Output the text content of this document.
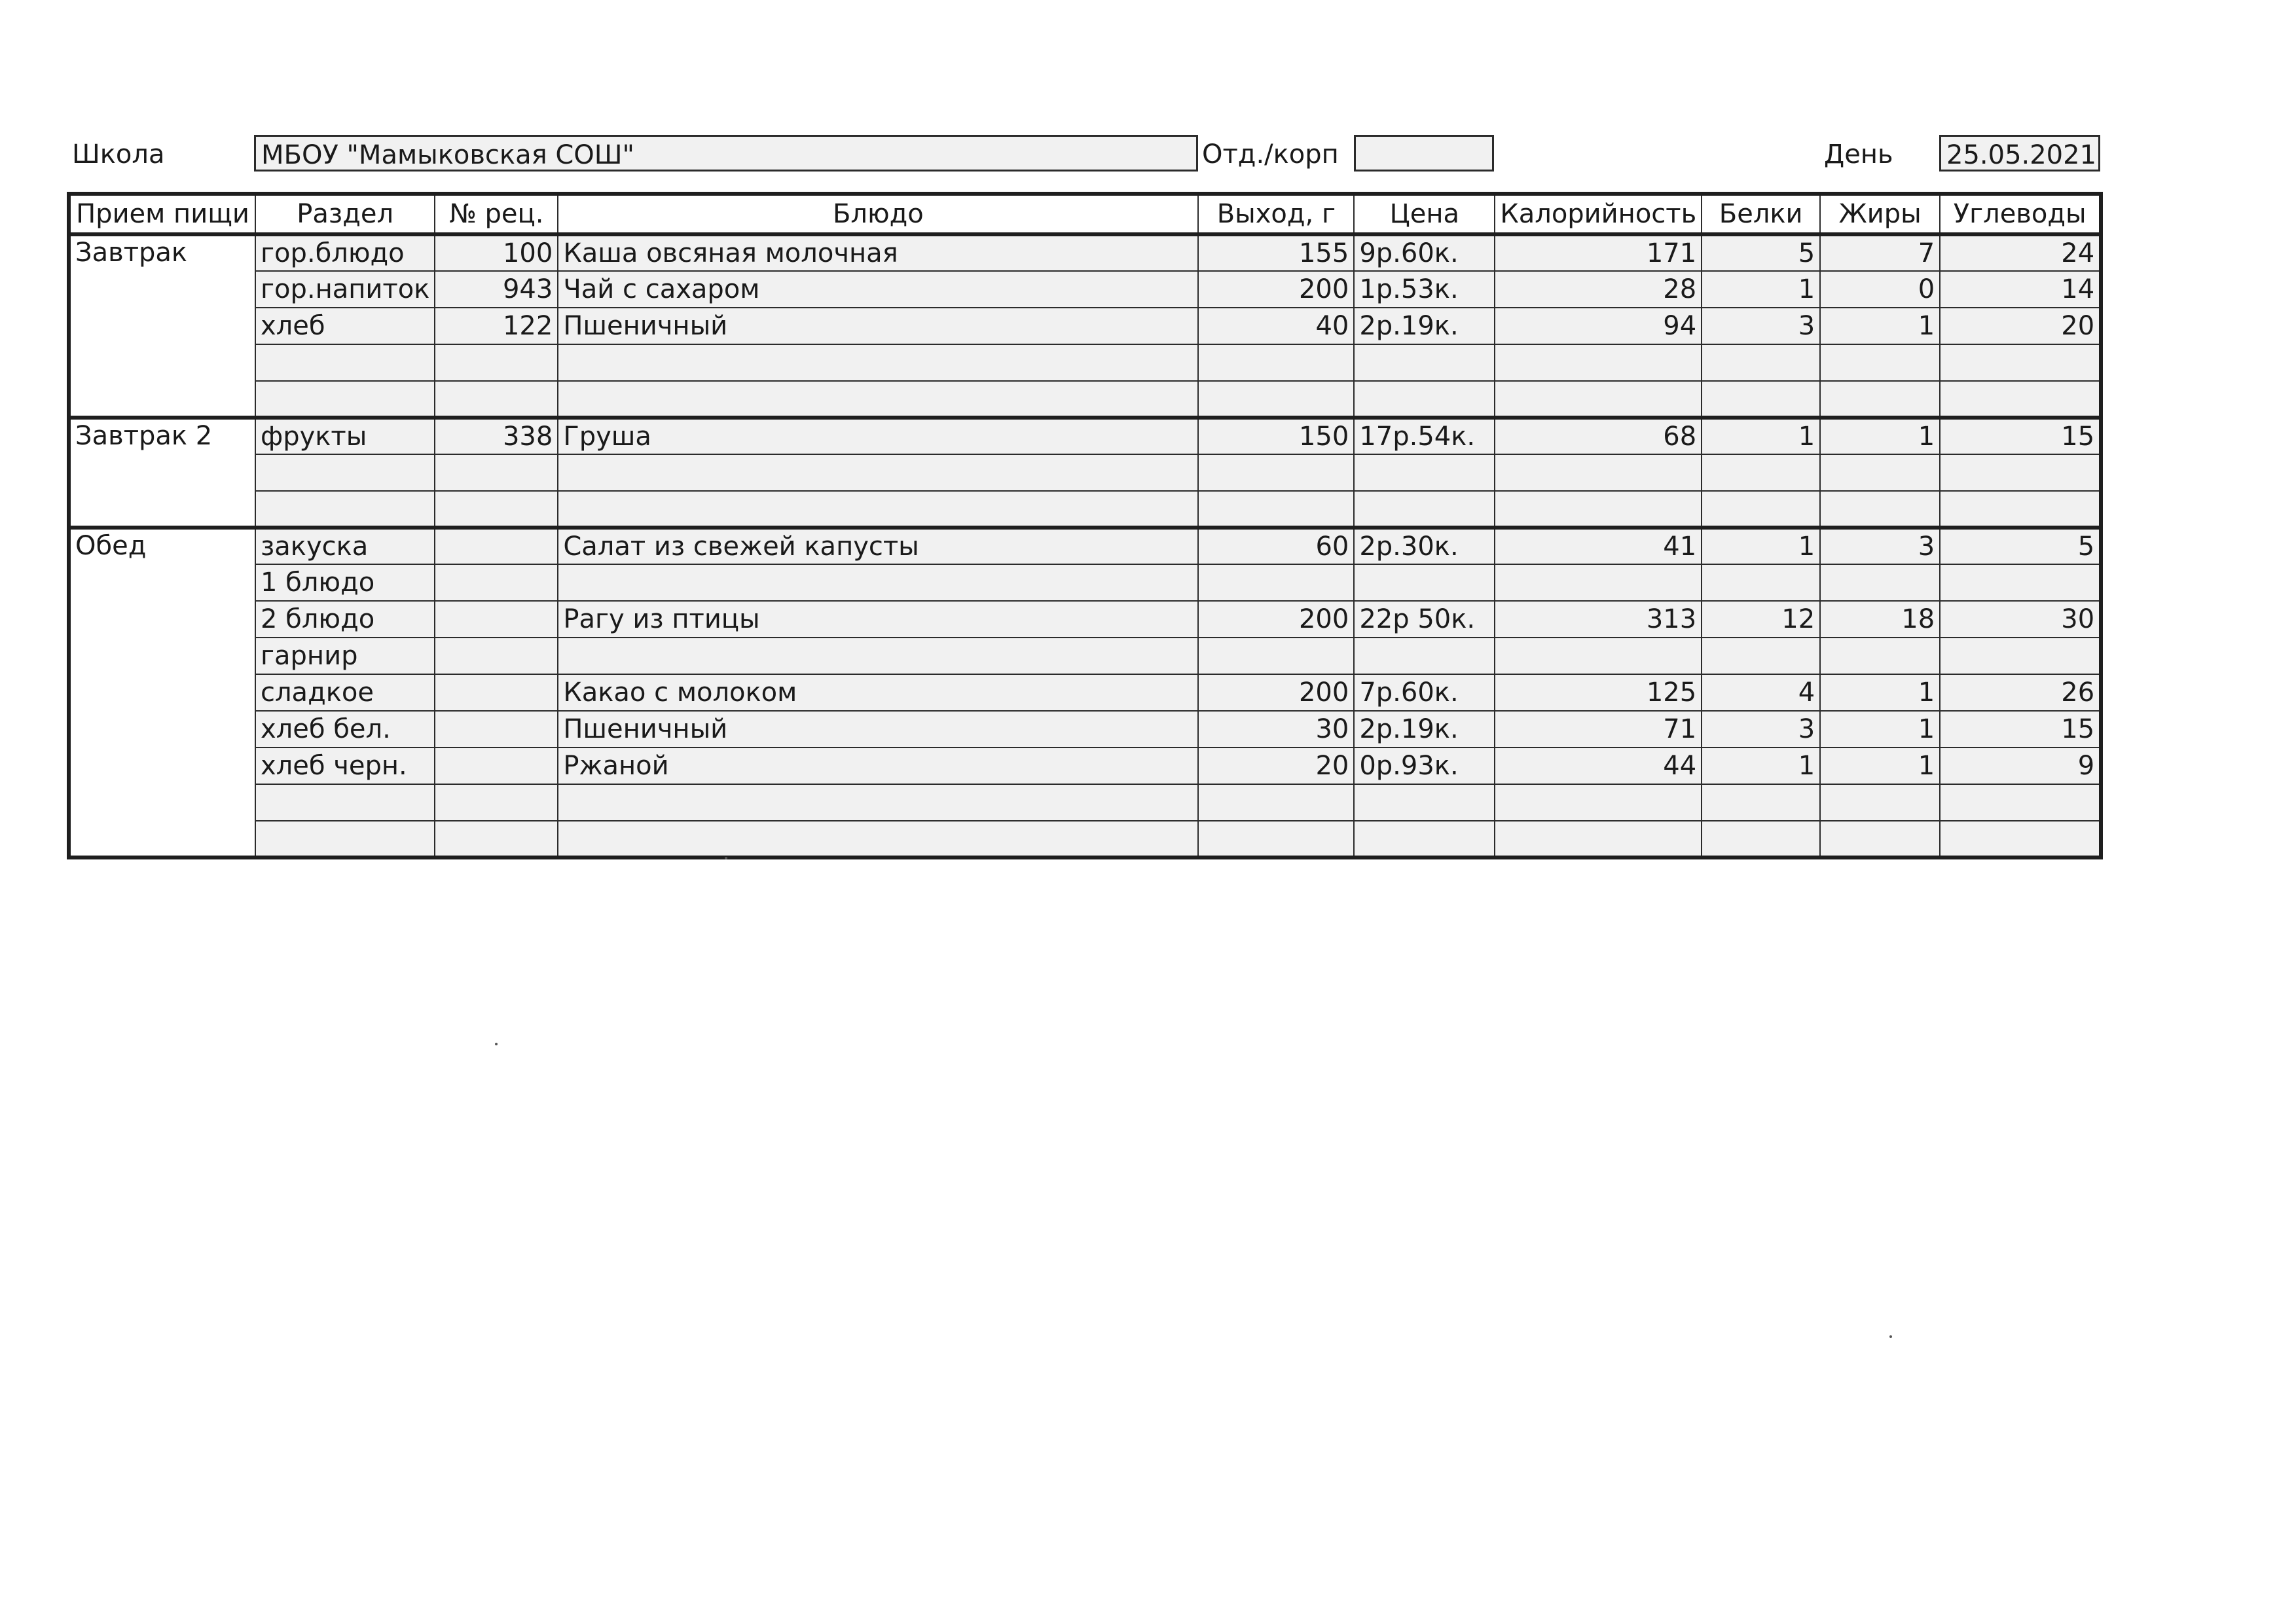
Школа	МБОУ "Мамыковская СОШ"	Отд./корп	День 25.05.2021
Прием пищи	Раздел	№ рец.	Блюдо	Выход, г	Цена	Калорийность	Белки	Жиры	Углеводы
Завтрак	гор.блюдо	100	Каша овсяная молочная	155	9р.60к.	171	5	7	24
	гор.напиток	943	Чай с сахаром	200	1р.53к.	28	1	0	14
	хлеб	122	Пшеничный	40	2р.19к.	94	3	1	20

Завтрак 2	фрукты	338	Груша	150	17р.54к.	68	1	1	15

Обед	закуска		Салат из свежей капусты	60	2р.30к.	41	1	3	5
	1 блюдо								
	2 блюдо		Рагу из птицы	200	22р 50к.	313	12	18	30
	гарнир								
	сладкое		Какао с молоком	200	7р.60к.	125	4	1	26
	хлеб бел.		Пшеничный	30	2р.19к.	71	3	1	15
	хлеб черн.		Ржаной	20	0р.93к.	44	1	1	9
